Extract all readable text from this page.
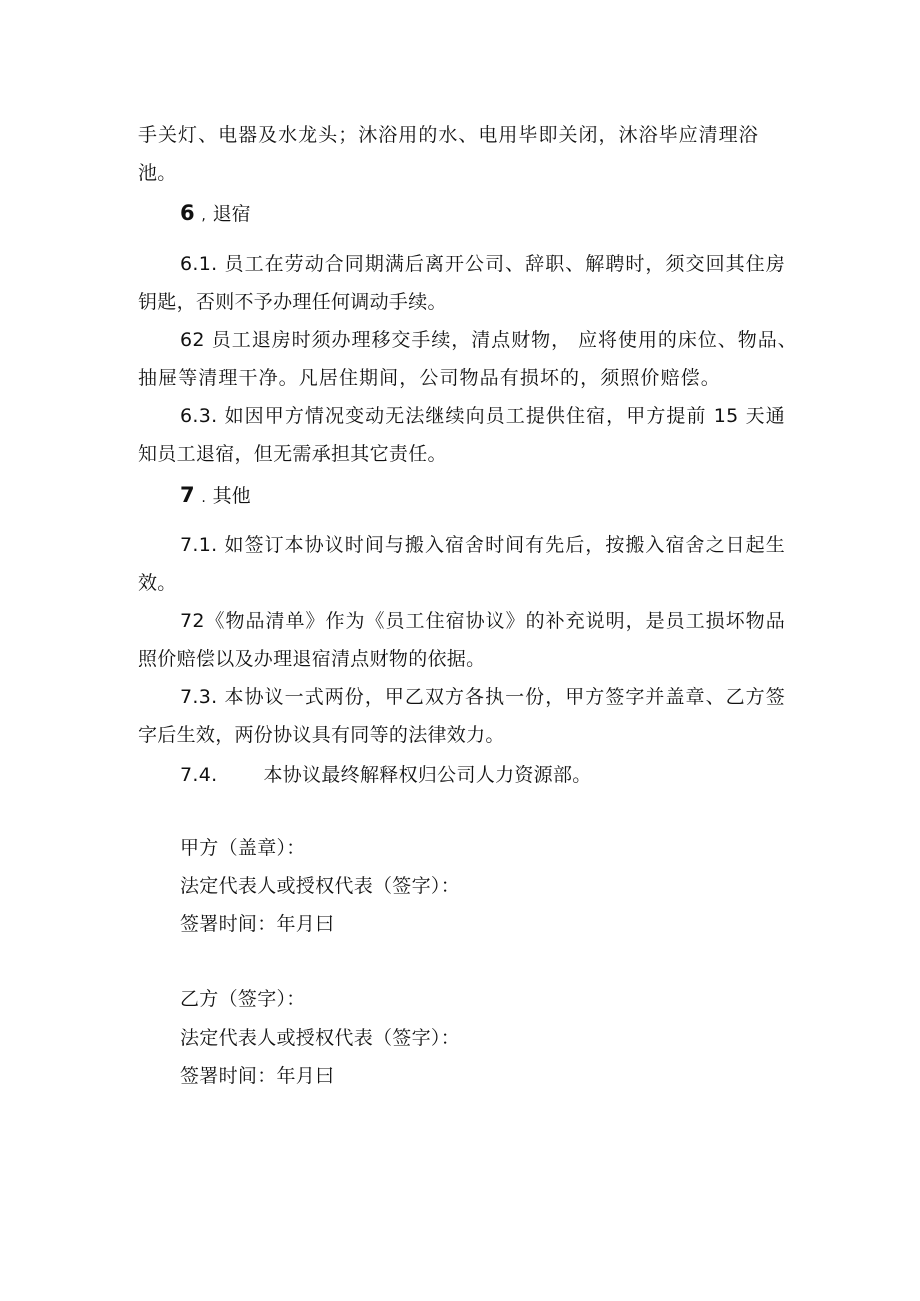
手关灯、电器及水龙头；沐浴用的水、电用毕即关闭，沐浴毕应清理浴
池。
6 , 退宿
6.1. 员工在劳动合同期满后离开公司、辞职、解聘时，须交回其住房
钥匙，否则不予办理任何调动手续。
62 员工退房时须办理移交手续，清点财物， 应将使用的床位、物品、
抽屉等清理干净。凡居住期间，公司物品有损坏的，须照价赔偿。
6.3. 如因甲方情况变动无法继续向员工提供住宿，甲方提前 15 天通
知员工退宿，但无需承担其它责任。
7 . 其他
7.1. 如签订本协议时间与搬入宿舍时间有先后，按搬入宿舍之日起生
效。
72《物品清单》作为《员工住宿协议》的补充说明，是员工损坏物品
照价赔偿以及办理退宿清点财物的依据。
7.3. 本协议一式两份，甲乙双方各执一份，甲方签字并盖章、乙方签
字后生效，两份协议具有同等的法律效力。
7.4. 本协议最终解释权归公司人力资源部。
甲方（盖章）：
法定代表人或授权代表（签字）：
签署时间：年月曰
乙方（签字）：
法定代表人或授权代表（签字）：
签署时间：年月曰
